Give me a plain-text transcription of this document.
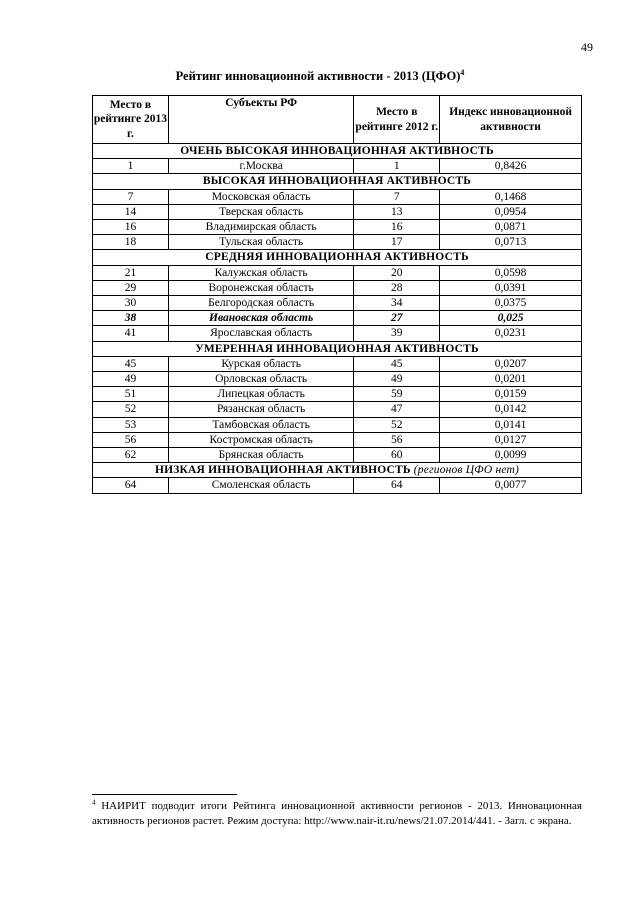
49
Рейтинг инновационной активности - 2013 (ЦФО)$^4$
Место в рейтинге 2013 г.	Субъекты РФ	Место в рейтинге 2012 г.	Индекс инновационной активности
ОЧЕНЬ ВЫСОКАЯ ИННОВАЦИОННАЯ АКТИВНОСТЬ			
1	г.Москва	1	0,8426
ВЫСОКАЯ ИННОВАЦИОННАЯ АКТИВНОСТЬ			
7	Московская область	7	0,1468
14	Тверская область	13	0,0954
16	Владимирская область	16	0,0871
18	Тульская область	17	0,0713
СРЕДНЯЯ ИННОВАЦИОННАЯ АКТИВНОСТЬ			
21	Калужская область	20	0,0598
29	Воронежская область	28	0,0391
30	Белгородская область	34	0,0375
38	Ивановская область	27	0,025
41	Ярославская область	39	0,0231
УМЕРЕННАЯ ИННОВАЦИОННАЯ АКТИВНОСТЬ			
45	Курская область	45	0,0207
49	Орловская область	49	0,0201
51	Липецкая область	59	0,0159
52	Рязанская область	47	0,0142
53	Тамбовская область	52	0,0141
56	Костромская область	56	0,0127
62	Брянская область	60	0,0099
НИЗКАЯ ИННОВАЦИОННАЯ АКТИВНОСТЬ (регионов ЦФО нет)			
64	Смоленская область	64	0,0077
$^4$ НАИРИТ подводит итоги Рейтинга инновационной активности регионов - 2013. Инновационная активность регионов растет. Режим доступа: http://www.nair-it.ru/news/21.07.2014/441. - Загл. с экрана.
